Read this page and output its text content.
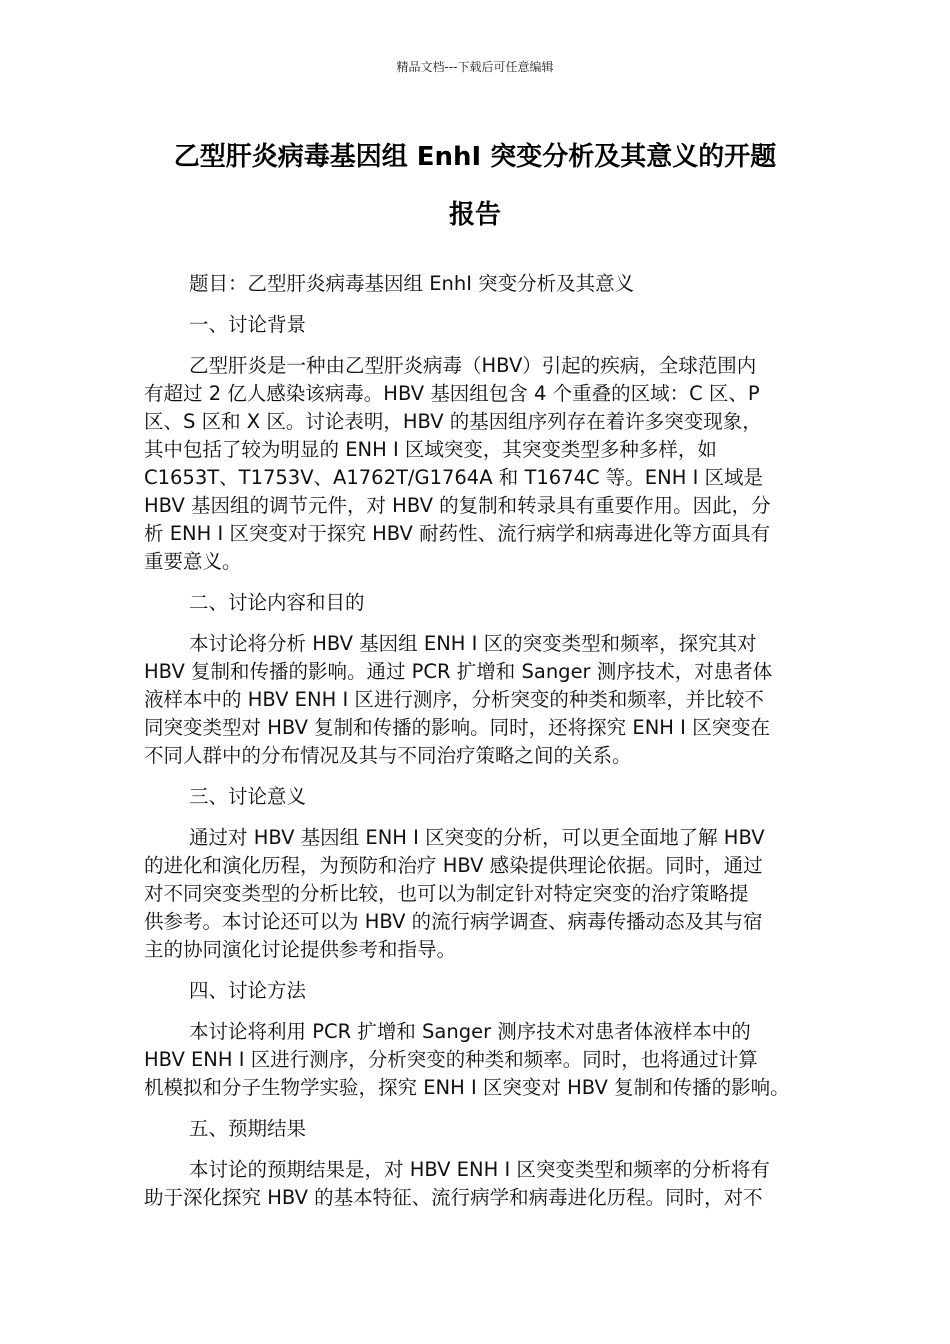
精品文档---下载后可任意编辑
乙型肝炎病毒基因组 EnhI 突变分析及其意义的开题
报告
题目：乙型肝炎病毒基因组 EnhI 突变分析及其意义
一、讨论背景
乙型肝炎是一种由乙型肝炎病毒（HBV）引起的疾病，全球范围内
有超过 2 亿人感染该病毒。HBV 基因组包含 4 个重叠的区域：C 区、P
区、S 区和 X 区。讨论表明，HBV 的基因组序列存在着许多突变现象，
其中包括了较为明显的 ENH I 区域突变，其突变类型多种多样，如
C1653T、T1753V、A1762T/G1764A 和 T1674C 等。ENH I 区域是
HBV 基因组的调节元件，对 HBV 的复制和转录具有重要作用。因此，分
析 ENH I 区突变对于探究 HBV 耐药性、流行病学和病毒进化等方面具有
重要意义。
二、讨论内容和目的
本讨论将分析 HBV 基因组 ENH I 区的突变类型和频率，探究其对
HBV 复制和传播的影响。通过 PCR 扩增和 Sanger 测序技术，对患者体
液样本中的 HBV ENH I 区进行测序，分析突变的种类和频率，并比较不
同突变类型对 HBV 复制和传播的影响。同时，还将探究 ENH I 区突变在
不同人群中的分布情况及其与不同治疗策略之间的关系。
三、讨论意义
通过对 HBV 基因组 ENH I 区突变的分析，可以更全面地了解 HBV
的进化和演化历程，为预防和治疗 HBV 感染提供理论依据。同时，通过
对不同突变类型的分析比较，也可以为制定针对特定突变的治疗策略提
供参考。本讨论还可以为 HBV 的流行病学调查、病毒传播动态及其与宿
主的协同演化讨论提供参考和指导。
四、讨论方法
本讨论将利用 PCR 扩增和 Sanger 测序技术对患者体液样本中的
HBV ENH I 区进行测序，分析突变的种类和频率。同时，也将通过计算
机模拟和分子生物学实验，探究 ENH I 区突变对 HBV 复制和传播的影响。
五、预期结果
本讨论的预期结果是，对 HBV ENH I 区突变类型和频率的分析将有
助于深化探究 HBV 的基本特征、流行病学和病毒进化历程。同时，对不
